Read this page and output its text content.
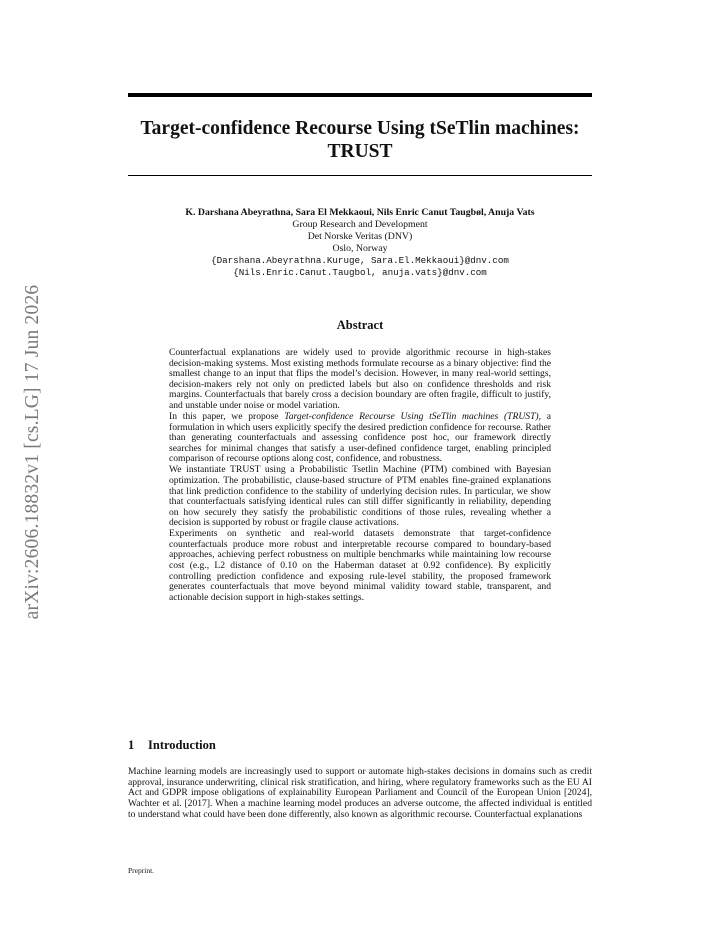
arXiv:2606.18832v1 [cs.LG] 17 Jun 2026
Target-confidence Recourse Using tSeTlin machines:
TRUST
K. Darshana Abeyrathna, Sara El Mekkaoui, Nils Enric Canut Taugbøl, Anuja Vats
Group Research and Development
Det Norske Veritas (DNV)
Oslo, Norway
{Darshana.Abeyrathna.Kuruge, Sara.El.Mekkaoui}@dnv.com
{Nils.Enric.Canut.Taugbol, anuja.vats}@dnv.com
Abstract

Counterfactual explanations are widely used to provide algorithmic recourse in high-stakes decision-making systems. Most existing methods formulate recourse as a binary objective: find the smallest change to an input that flips the model’s decision. However, in many real-world settings, decision-makers rely not only on predicted labels but also on confidence thresholds and risk margins. Counterfactuals that barely cross a decision boundary are often fragile, difficult to justify, and unstable under noise or model variation.

In this paper, we propose Target-confidence Recourse Using tSeTlin machines (TRUST), a formulation in which users explicitly specify the desired prediction confidence for recourse. Rather than generating counterfactuals and assessing confidence post hoc, our framework directly searches for minimal changes that satisfy a user-defined confidence target, enabling principled comparison of recourse options along cost, confidence, and robustness.

We instantiate TRUST using a Probabilistic Tsetlin Machine (PTM) combined with Bayesian optimization. The probabilistic, clause-based structure of PTM enables fine-grained explanations that link prediction confidence to the stability of underlying decision rules. In particular, we show that counterfactuals satisfying identical rules can still differ significantly in reliability, depending on how securely they satisfy the probabilistic conditions of those rules, revealing whether a decision is supported by robust or fragile clause activations.

Experiments on synthetic and real-world datasets demonstrate that target-confidence counterfactuals produce more robust and interpretable recourse compared to boundary-based approaches, achieving perfect robustness on multiple benchmarks while maintaining low recourse cost (e.g., L2 distance of 0.10 on the Haberman dataset at 0.92 confidence). By explicitly controlling prediction confidence and exposing rule-level stability, the proposed framework generates counterfactuals that move beyond minimal validity toward stable, transparent, and actionable decision support in high-stakes settings.

1 Introduction

Machine learning models are increasingly used to support or automate high-stakes decisions in domains such as credit approval, insurance underwriting, clinical risk stratification, and hiring, where regulatory frameworks such as the EU AI Act and GDPR impose obligations of explainability European Parliament and Council of the European Union [2024], Wachter et al. [2017]. When a machine learning model produces an adverse outcome, the affected individual is entitled to understand what could have been done differently, also known as algorithmic recourse. Counterfactual explanations

Preprint.
